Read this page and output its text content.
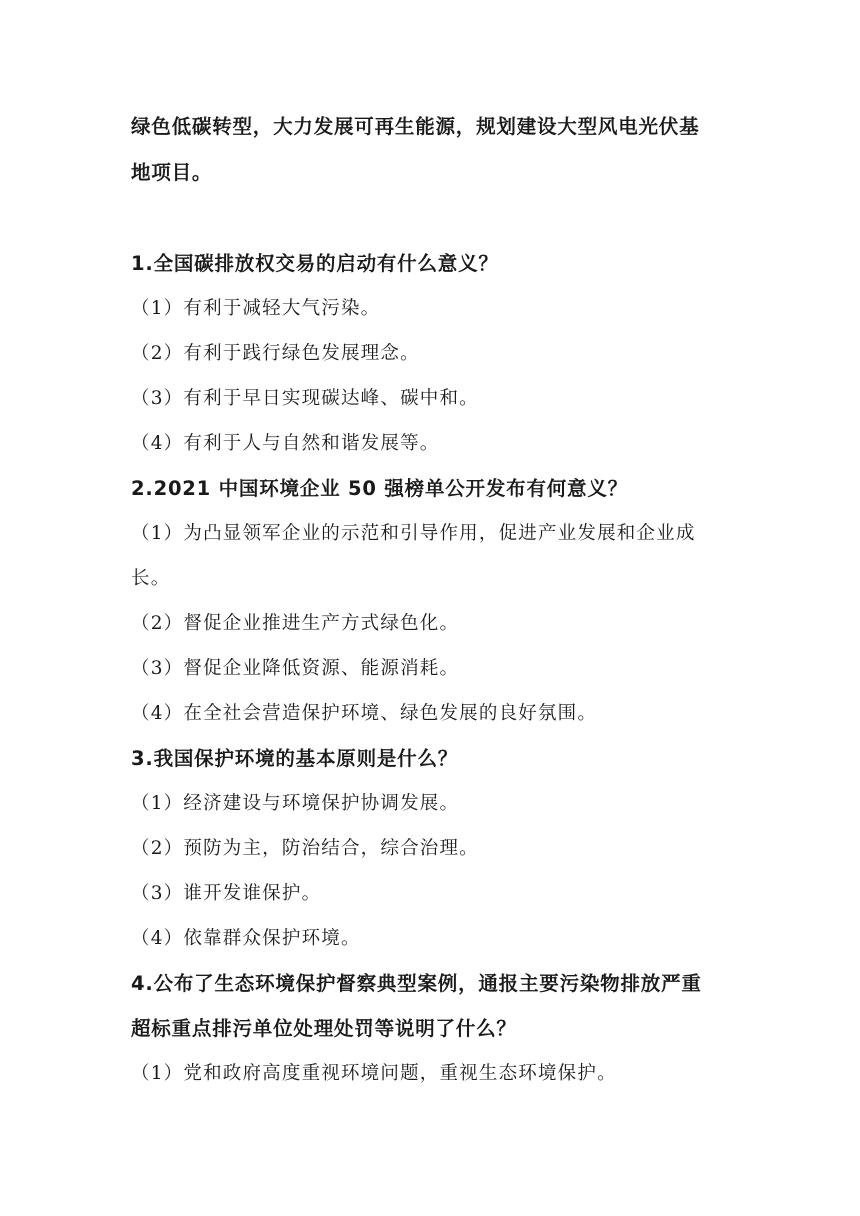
绿色低碳转型，大力发展可再生能源，规划建设大型风电光伏基
地项目。
1.全国碳排放权交易的启动有什么意义？
（1）有利于减轻大气污染。
（2）有利于践行绿色发展理念。
（3）有利于早日实现碳达峰、碳中和。
（4）有利于人与自然和谐发展等。
2.2021 中国环境企业 50 强榜单公开发布有何意义？
（1）为凸显领军企业的示范和引导作用，促进产业发展和企业成
长。
（2）督促企业推进生产方式绿色化。
（3）督促企业降低资源、能源消耗。
（4）在全社会营造保护环境、绿色发展的良好氛围。
3.我国保护环境的基本原则是什么？
（1）经济建设与环境保护协调发展。
（2）预防为主，防治结合，综合治理。
（3）谁开发谁保护。
（4）依靠群众保护环境。
4.公布了生态环境保护督察典型案例，通报主要污染物排放严重
超标重点排污单位处理处罚等说明了什么？
（1）党和政府高度重视环境问题，重视生态环境保护。
